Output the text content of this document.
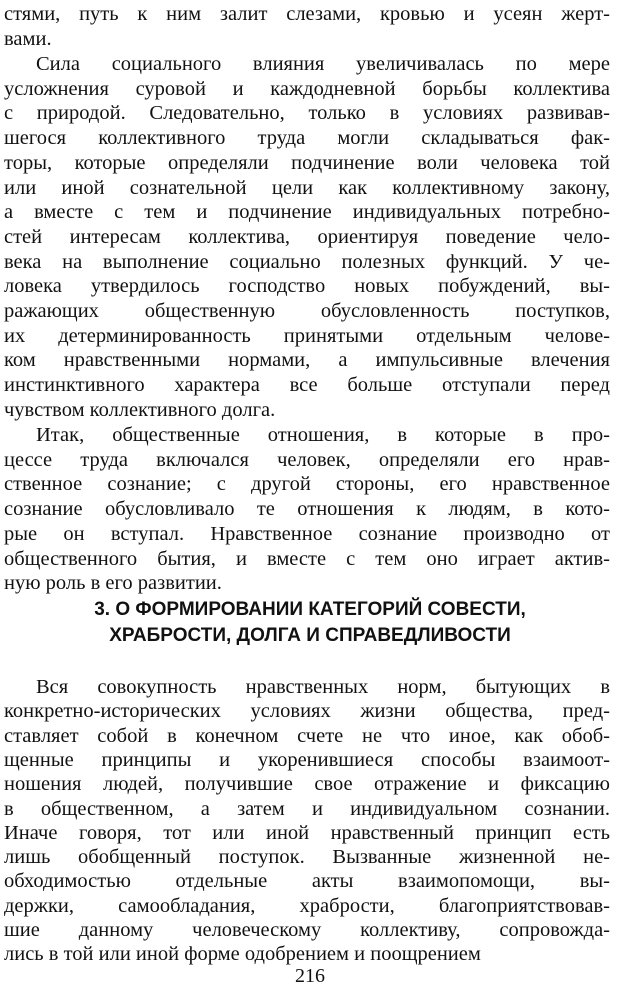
стями, путь к ним залит слезами, кровью и усеян жерт-
вами.
Сила социального влияния увеличивалась по мере
усложнения суровой и каждодневной борьбы коллектива
с природой. Следовательно, только в условиях развивав-
шегося коллективного труда могли складываться фак-
торы, которые определяли подчинение воли человека той
или иной сознательной цели как коллективному закону,
а вместе с тем и подчинение индивидуальных потребно-
стей интересам коллектива, ориентируя поведение чело-
века на выполнение социально полезных функций. У че-
ловека утвердилось господство новых побуждений, вы-
ражающих общественную обусловленность поступков,
их детерминированность принятыми отдельным челове-
ком нравственными нормами, а импульсивные влечения
инстинктивного характера все больше отступали перед
чувством коллективного долга.
Итак, общественные отношения, в которые в про-
цессе труда включался человек, определяли его нрав-
ственное сознание; с другой стороны, его нравственное
сознание обусловливало те отношения к людям, в кото-
рые он вступал. Нравственное сознание производно от
общественного бытия, и вместе с тем оно играет актив-
ную роль в его развитии.
Вся совокупность нравственных норм, бытующих в
конкретно-исторических условиях жизни общества, пред-
ставляет собой в конечном счете не что иное, как обоб-
щенные принципы и укоренившиеся способы взаимоот-
ношения людей, получившие свое отражение и фиксацию
в общественном, а затем и индивидуальном сознании.
Иначе говоря, тот или иной нравственный принцип есть
лишь обобщенный поступок. Вызванные жизненной не-
обходимостью отдельные акты взаимопомощи, вы-
держки, самообладания, храбрости, благоприятствовав-
шие данному человеческому коллективу, сопровожда-
лись в той или иной форме одобрением и поощрением
3. О ФОРМИРОВАНИИ КАТЕГОРИЙ СОВЕСТИ,
ХРАБРОСТИ, ДОЛГА И СПРАВЕДЛИВОСТИ
216
